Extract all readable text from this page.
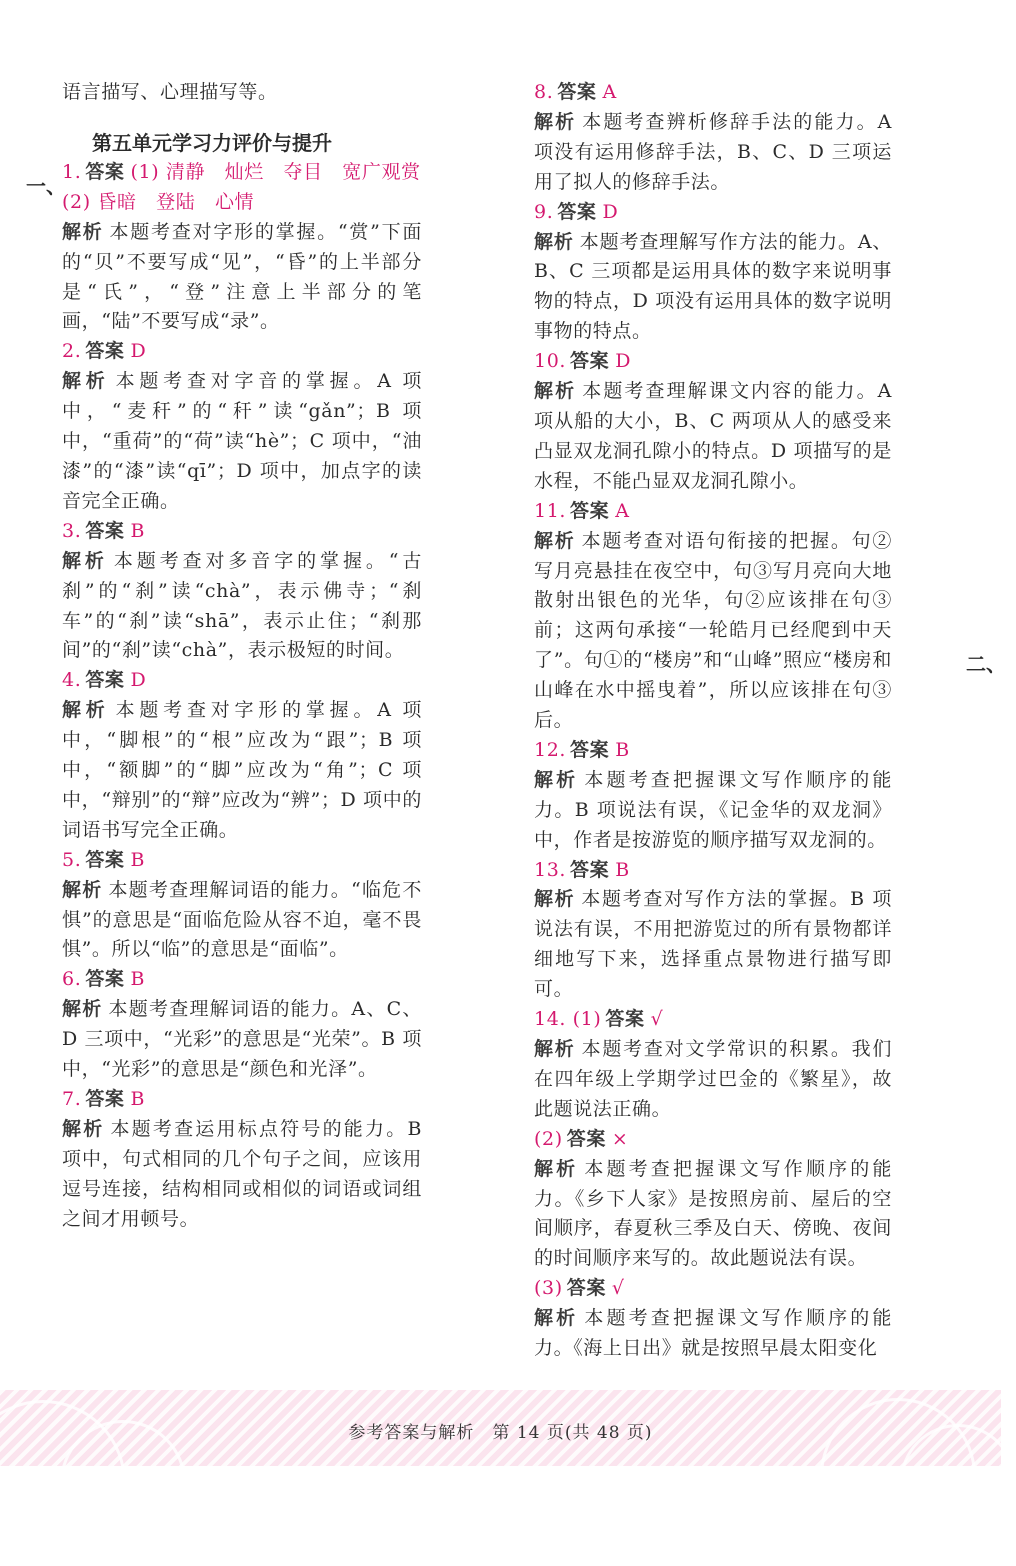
语言描写、心理描写等。

第五单元学习力评价与提升

1. 答案 (1) 清静　灿烂　夺目　宽广观赏

(2) 昏暗　登陆　心情

解析 本题考查对字形的掌握。“赏”下面的“贝”不要写成“见”，“昏”的上半部分是“氏”，“登”注意上半部分的笔画，“陆”不要写成“录”。

2. 答案 D

解析 本题考查对字音的掌握。A 项中，“麦秆”的“秆”读“gǎn”；B 项中，“重荷”的“荷”读“hè”；C 项中，“油漆”的“漆”读“qī”；D 项中，加点字的读音完全正确。

3. 答案 B

解析 本题考查对多音字的掌握。“古刹”的“刹”读“chà”，表示佛寺；“刹车”的“刹”读“shā”，表示止住；“刹那间”的“刹”读“chà”，表示极短的时间。

4. 答案 D

解析 本题考查对字形的掌握。A 项中，“脚根”的“根”应改为“跟”；B 项中，“额脚”的“脚”应改为“角”；C 项中，“辩别”的“辩”应改为“辨”；D 项中的词语书写完全正确。

5. 答案 B

解析 本题考查理解词语的能力。“临危不惧”的意思是“面临危险从容不迫，毫不畏惧”。所以“临”的意思是“面临”。

6. 答案 B

解析 本题考查理解词语的能力。A、C、D 三项中，“光彩”的意思是“光荣”。B 项中，“光彩”的意思是“颜色和光泽”。

7. 答案 B

解析 本题考查运用标点符号的能力。B 项中，句式相同的几个句子之间，应该用逗号连接，结构相同或相似的词语或词组之间才用顿号。

一、

8. 答案 A

解析 本题考查辨析修辞手法的能力。A 项没有运用修辞手法，B、C、D 三项运用了拟人的修辞手法。

9. 答案 D

解析 本题考查理解写作方法的能力。A、B、C 三项都是运用具体的数字来说明事物的特点，D 项没有运用具体的数字说明事物的特点。

10. 答案 D

解析 本题考查理解课文内容的能力。A 项从船的大小，B、C 两项从人的感受来凸显双龙洞孔隙小的特点。D 项描写的是水程，不能凸显双龙洞孔隙小。

11. 答案 A

解析 本题考查对语句衔接的把握。句②写月亮悬挂在夜空中，句③写月亮向大地散射出银色的光华，句②应该排在句③前；这两句承接“一轮皓月已经爬到中天了”。句①的“楼房”和“山峰”照应“楼房和山峰在水中摇曳着”，所以应该排在句③后。

12. 答案 B

解析 本题考查把握课文写作顺序的能力。B 项说法有误，《记金华的双龙洞》中，作者是按游览的顺序描写双龙洞的。

13. 答案 B

解析 本题考查对写作方法的掌握。B 项说法有误，不用把游览过的所有景物都详细地写下来，选择重点景物进行描写即可。

14. (1) 答案 √

解析 本题考查对文学常识的积累。我们在四年级上学期学过巴金的《繁星》，故此题说法正确。

(2) 答案 ×

解析 本题考查把握课文写作顺序的能力。《乡下人家》是按照房前、屋后的空间顺序，春夏秋三季及白天、傍晚、夜间的时间顺序来写的。故此题说法有误。

(3) 答案 √

解析 本题考查把握课文写作顺序的能力。《海上日出》就是按照早晨太阳变化

二、
参考答案与解析　第 14 页(共 48 页)
